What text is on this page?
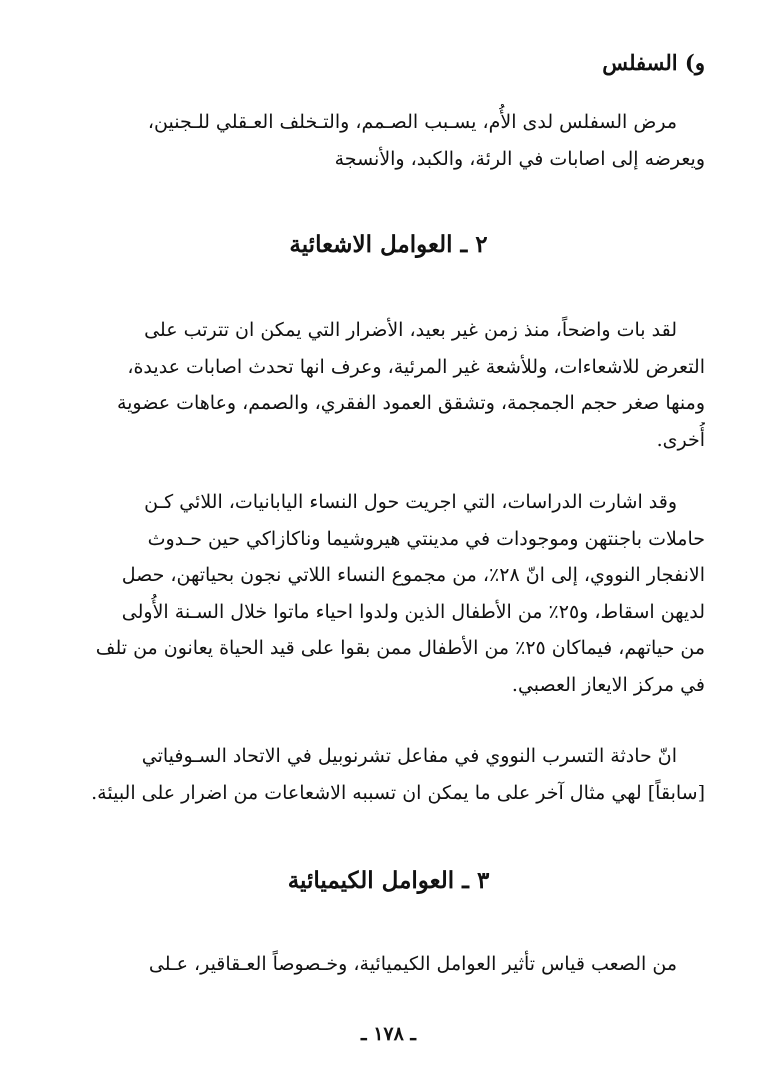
و) السفلس
مرض السفلس لدى الأُم، يسـبب الصـمم، والتـخلف العـقلي للـجنين،
ويعرضه إلى اصابات في الرئة، والكبد، والأنسجة
٢ ـ العوامل الاشعائية
لقد بات واضحاً، منذ زمن غير بعيد، الأضرار التي يمكن ان تترتب على
التعرض للاشعاءات، وللأشعة غير المرئية، وعرف انها تحدث اصابات عديدة،
ومنها صغر حجم الجمجمة، وتشقق العمود الفقري، والصمم، وعاهات عضوية
أُخرى.
وقد اشارت الدراسات، التي اجريت حول النساء اليابانيات، اللائي كـن
حاملات باجنتهن وموجودات في مدينتي هيروشيما وناكازاكي حين حـدوث
الانفجار النووي، إلى انّ ٢٨٪، من مجموع النساء اللاتي نجون بحياتهن، حصل
لديهن اسقاط، و٢٥٪ من الأطفال الذين ولدوا احياء ماتوا خلال السـنة الأُولى
من حياتهم، فيماكان ٢٥٪ من الأطفال ممن بقوا على قيد الحياة يعانون من تلف
في مركز الايعاز العصبي.
انّ حادثة التسرب النووي في مفاعل تشرنوبيل في الاتحاد السـوفياتي
[سابقاً] لهي مثال آخر على ما يمكن ان تسببه الاشعاعات من اضرار على البيئة.
٣ ـ العوامل الكيميائية
من الصعب قياس تأثير العوامل الكيميائية، وخـصوصاً العـقاقير، عـلى
ـ ١٧٨ ـ
